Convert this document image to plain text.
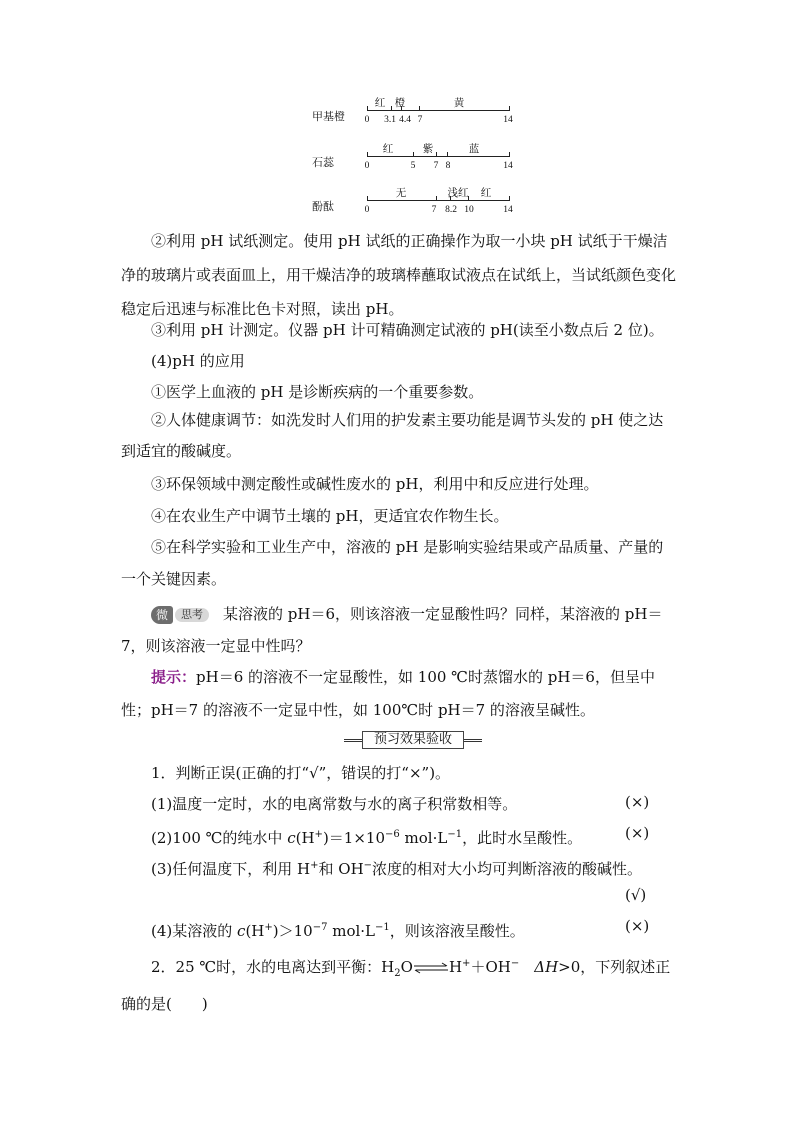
甲基橙
红 橙	黄
0 3.1 4.4 7	14
石蕊
红	紫	蓝
0	5 7 8	14
酚酞
无	浅红 红
0	7 8.2 10	14

②利用 pH 试纸测定。使用 pH 试纸的正确操作为取一小块 pH 试纸于干燥洁净的玻璃片或表面皿上，用干燥洁净的玻璃棒蘸取试液点在试纸上，当试纸颜色变化稳定后迅速与标准比色卡对照，读出 pH。

③利用 pH 计测定。仪器 pH 计可精确测定试液的 pH(读至小数点后 2 位)。

(4)pH 的应用

①医学上血液的 pH 是诊断疾病的一个重要参数。

②人体健康调节：如洗发时人们用的护发素主要功能是调节头发的 pH 使之达到适宜的酸碱度。

③环保领域中测定酸性或碱性废水的 pH，利用中和反应进行处理。

④在农业生产中调节土壤的 pH，更适宜农作物生长。

⑤在科学实验和工业生产中，溶液的 pH 是影响实验结果或产品质量、产量的一个关键因素。

微	思考	某溶液的 pH＝6，则该溶液一定显酸性吗？同样，某溶液的 pH＝7，则该溶液一定显中性吗？

提示：pH＝6 的溶液不一定显酸性，如 100 ℃时蒸馏水的 pH＝6，但呈中性；pH＝7 的溶液不一定显中性，如 100℃时 pH＝7 的溶液呈碱性。

预习效果验收

1．判断正误(正确的打“√”，错误的打“×”)。

(1)温度一定时，水的电离常数与水的离子积常数相等。	(×)

(2)100 ℃的纯水中 $c(H^+)=1\times 10^{-6}$ $mol\cdot L^{-1}$，此时水呈酸性。	(×)

(3)任何温度下，利用 H+和 OH−浓度的相对大小均可判断溶液的酸碱性。

(√)

(4)某溶液的 $c(H^+)>10^{-7}$ $mol\cdot L^{-1}$，则该溶液呈酸性。	(×)

2．25 ℃时，水的电离达到平衡：$H_2O\rightleftharpoons H^++OH^-$　 ΔH>0，下列叙述正确的是(　　)
